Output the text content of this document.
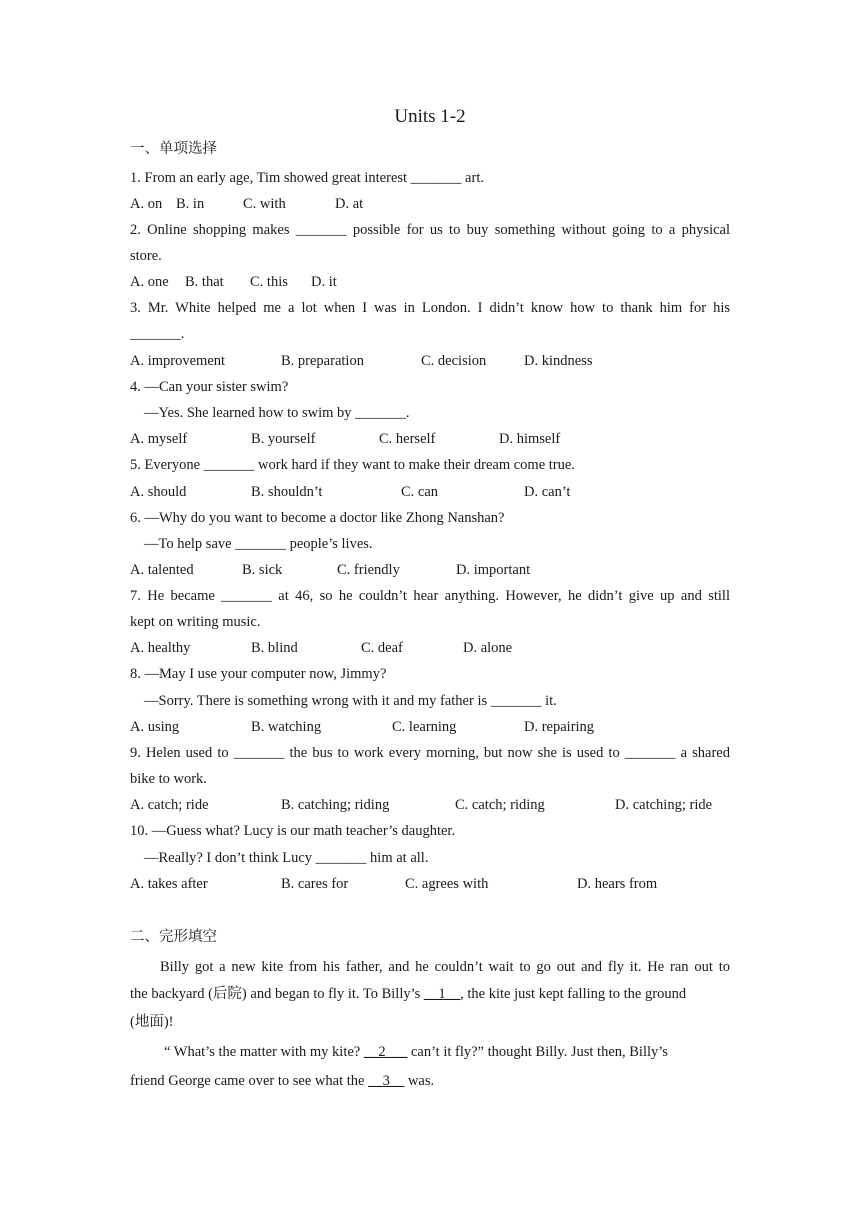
Units 1-2
一、单项选择
1. From an early age, Tim showed great interest _______ art.
A. on B. in	C. with	D. at
2. Online shopping makes _______ possible for us to buy something without going to a physical
store.
A. one B. that C. this D. it
3. Mr. White helped me a lot when I was in London. I didn’t know how to thank him for his
_______.
A. improvement	B. preparation	C. decision	D. kindness
4. —Can your sister swim?
—Yes. She learned how to swim by _______.
A. myself	B. yourself	C. herself	D. himself
5. Everyone _______ work hard if they want to make their dream come true.
A. should	B. shouldn’t	C. can	D. can’t
6. —Why do you want to become a doctor like Zhong Nanshan?
—To help save _______ people’s lives.
A. talented	B. sick	C. friendly	D. important
7. He became _______ at 46, so he couldn’t hear anything. However, he didn’t give up and still
kept on writing music.
A. healthy	B. blind	C. deaf	D. alone
8. —May I use your computer now, Jimmy?
—Sorry. There is something wrong with it and my father is _______ it.
A. using	B. watching	C. learning	D. repairing
9. Helen used to _______ the bus to work every morning, but now she is used to _______ a shared
bike to work.
A. catch; ride	B. catching; riding	C. catch; riding	D. catching; ride
10. —Guess what? Lucy is our math teacher’s daughter.
—Really? I don’t think Lucy _______ him at all.
A. takes after	B. cares for	C. agrees with	D. hears from
二、完形填空
Billy got a new kite from his father, and he couldn’t wait to go out and fly it. He ran out to
the backyard (后院) and began to fly it. To Billy’s __1__, the kite just kept falling to the ground
(地面)!
“ What’s the matter with my kite? __2___ can’t it fly?” thought Billy. Just then, Billy’s
friend George came over to see what the __3__ was.
